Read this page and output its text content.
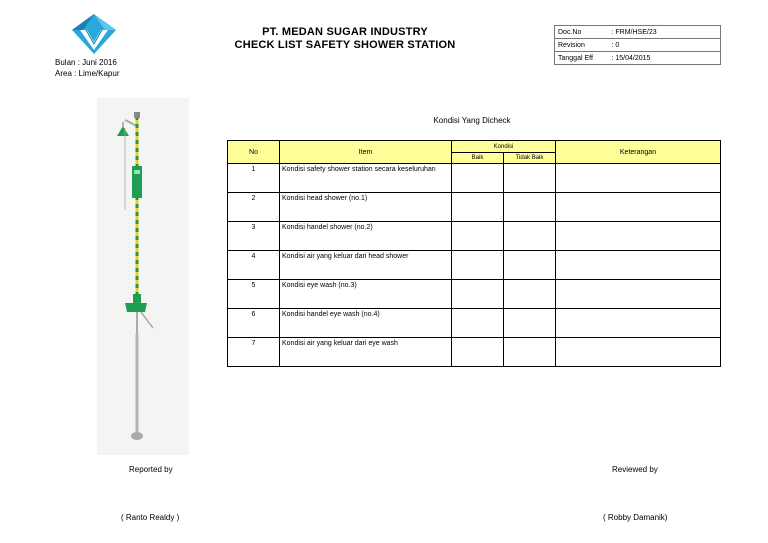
Bulan : Juni 2016
Area : Lime/Kapur
PT. MEDAN SUGAR INDUSTRY
CHECK LIST SAFETY SHOWER STATION
Doc.No	: FRM/HSE/23
Revision	: 0
Tanggal Eff	: 15/04/2015
Kondisi Yang Dicheck
No	Item	Kondisi		Keterangan
		Baik	Tidak Baik	
1	Kondisi safety shower station secara keseluruhan			
2	Kondisi head shower (no.1)			
3	Kondisi handel shower (no.2)			
4	Kondisi air yang keluar dari head shower			
5	Kondisi eye wash (no.3)			
6	Kondisi handel eye wash (no.4)			
7	Kondisi air yang keluar dari eye wash			
Reported by	Reviewed by
( Ranto Realdy )	( Robby Damanik)
